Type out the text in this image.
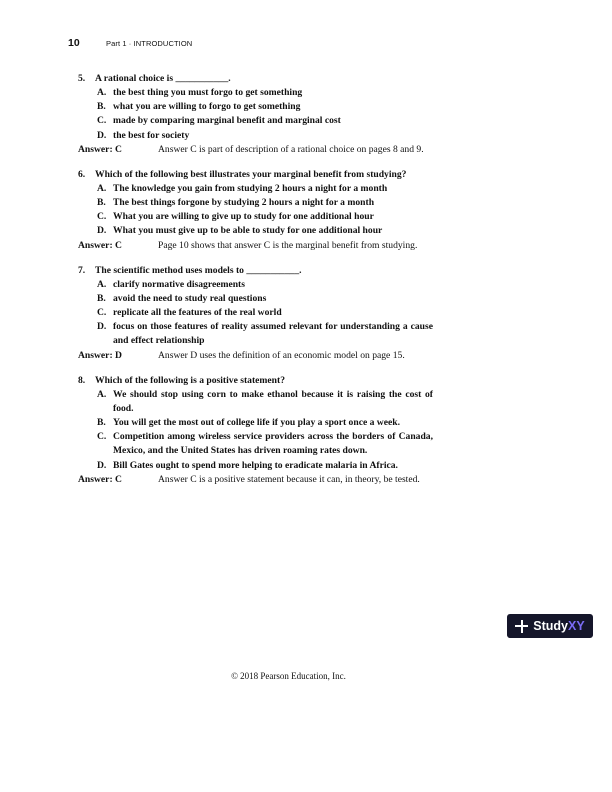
10	Part 1 · INTRODUCTION
5.	A rational choice is ___________.
A. the best thing you must forgo to get something
B. what you are willing to forgo to get something
C. made by comparing marginal benefit and marginal cost
D. the best for society
Answer: C	Answer C is part of description of a rational choice on pages 8 and 9.
6.	Which of the following best illustrates your marginal benefit from studying?
A. The knowledge you gain from studying 2 hours a night for a month
B. The best things forgone by studying 2 hours a night for a month
C. What you are willing to give up to study for one additional hour
D. What you must give up to be able to study for one additional hour
Answer: C	Page 10 shows that answer C is the marginal benefit from studying.
7.	The scientific method uses models to ___________.
A. clarify normative disagreements
B. avoid the need to study real questions
C. replicate all the features of the real world
D. focus on those features of reality assumed relevant for understanding a cause and effect relationship
Answer: D	Answer D uses the definition of an economic model on page 15.
8.	Which of the following is a positive statement?
A. We should stop using corn to make ethanol because it is raising the cost of food.
B. You will get the most out of college life if you play a sport once a week.
C. Competition among wireless service providers across the borders of Canada, Mexico, and the United States has driven roaming rates down.
D. Bill Gates ought to spend more helping to eradicate malaria in Africa.
Answer: C	Answer C is a positive statement because it can, in theory, be tested.
Study XY
© 2018 Pearson Education, Inc.
